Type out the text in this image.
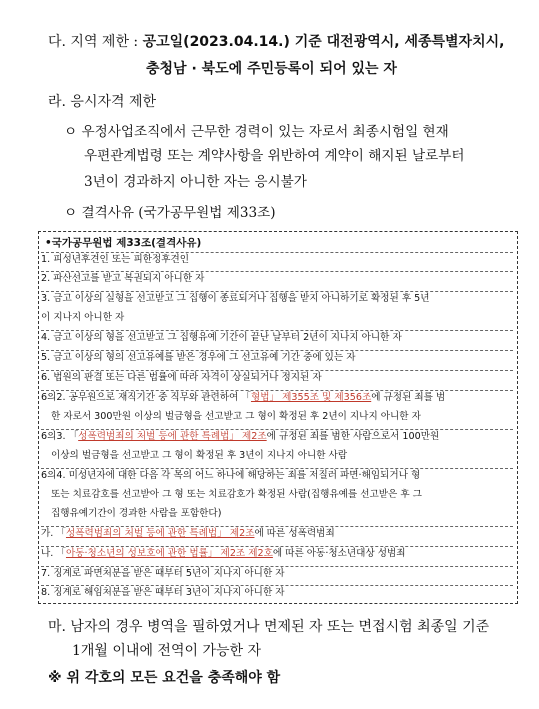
다. 지역 제한 : 공고일(2023.04.14.) 기준 대전광역시, 세종특별자치시,
충청남 · 북도에 주민등록이 되어 있는 자
라. 응시자격 제한
ㅇ 우정사업조직에서 근무한 경력이 있는 자로서 최종시험일 현재
우편관계법령 또는 계약사항을 위반하여 계약이 해지된 날로부터
3년이 경과하지 아니한 자는 응시불가
ㅇ 결격사유 (국가공무원법 제33조)
•국가공무원법 제33조(결격사유)
1. 피성년후견인 또는 피한정후견인
2. 파산선고를 받고 복권되지 아니한 자
3. 금고 이상의 실형을 선고받고 그 집행이 종료되거나 집행을 받지 아니하기로 확정된 후 5년
이 지나지 아니한 자
4. 금고 이상의 형을 선고받고 그 집행유예 기간이 끝난 날부터 2년이 지나지 아니한 자
5. 금고 이상의 형의 선고유예를 받은 경우에 그 선고유예 기간 중에 있는 자
6. 법원의 판결 또는 다른 법률에 따라 자격이 상실되거나 정지된 자
6의2. 공무원으로 재직기간 중 직무와 관련하여 「형법」 제355조 및 제356조에 규정된 죄를 범
한 자로서 300만원 이상의 벌금형을 선고받고 그 형이 확정된 후 2년이 지나지 아니한 자
6의3. 「성폭력범죄의 처벌 등에 관한 특례법」 제2조에 규정된 죄를 범한 사람으로서 100만원
이상의 벌금형을 선고받고 그 형이 확정된 후 3년이 지나지 아니한 사람
6의4. 미성년자에 대한 다음 각 목의 어느 하나에 해당하는 죄를 저질러 파면·해임되거나 형
또는 치료감호를 선고받아 그 형 또는 치료감호가 확정된 사람(집행유예를 선고받은 후 그
집행유예기간이 경과한 사람을 포함한다)
가. 「성폭력범죄의 처벌 등에 관한 특례법」 제2조에 따른 성폭력범죄
나. 「아동·청소년의 성보호에 관한 법률」 제2조 제2호에 따른 아동·청소년대상 성범죄
7. 징계로 파면처분을 받은 때부터 5년이 지나지 아니한 자
8. 징계로 해임처분을 받은 때부터 3년이 지나지 아니한 자
마. 남자의 경우 병역을 필하였거나 면제된 자 또는 면접시험 최종일 기준
1개월 이내에 전역이 가능한 자
※ 위 각호의 모든 요건을 충족해야 함
